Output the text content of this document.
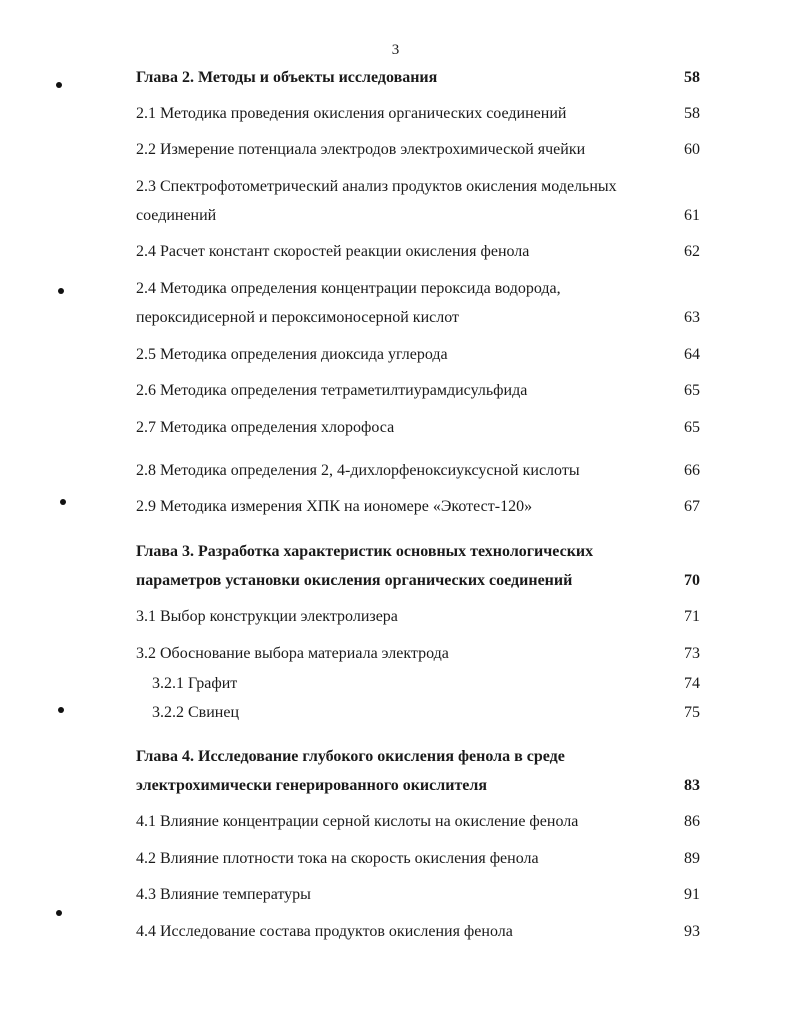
3
Глава 2. Методы и объекты исследования	58
2.1 Методика проведения окисления органических соединений	58
2.2 Измерение потенциала электродов электрохимической ячейки	60
2.3 Спектрофотометрический анализ продуктов окисления модельных
соединений	61
2.4 Расчет констант скоростей реакции окисления фенола	62
2.4 Методика определения концентрации пероксида водорода,
пероксидисерной и пероксимоносерной кислот	63
2.5 Методика определения диоксида углерода	64
2.6 Методика определения тетраметилтиурамдисульфида	65
2.7 Методика определения хлорофоса	65
2.8 Методика определения 2, 4-дихлорфеноксиуксусной кислоты	66
2.9 Методика измерения ХПК на иономере «Экотест-120»	67
Глава 3. Разработка характеристик основных технологических
параметров установки окисления органических соединений	70
3.1 Выбор конструкции электролизера	71
3.2 Обоснование выбора материала электрода	73
3.2.1 Графит	74
3.2.2 Свинец	75
Глава 4. Исследование глубокого окисления фенола в среде
электрохимически генерированного окислителя	83
4.1 Влияние концентрации серной кислоты на окисление фенола	86
4.2 Влияние плотности тока на скорость окисления фенола	89
4.3 Влияние температуры	91
4.4 Исследование состава продуктов окисления фенола	93
